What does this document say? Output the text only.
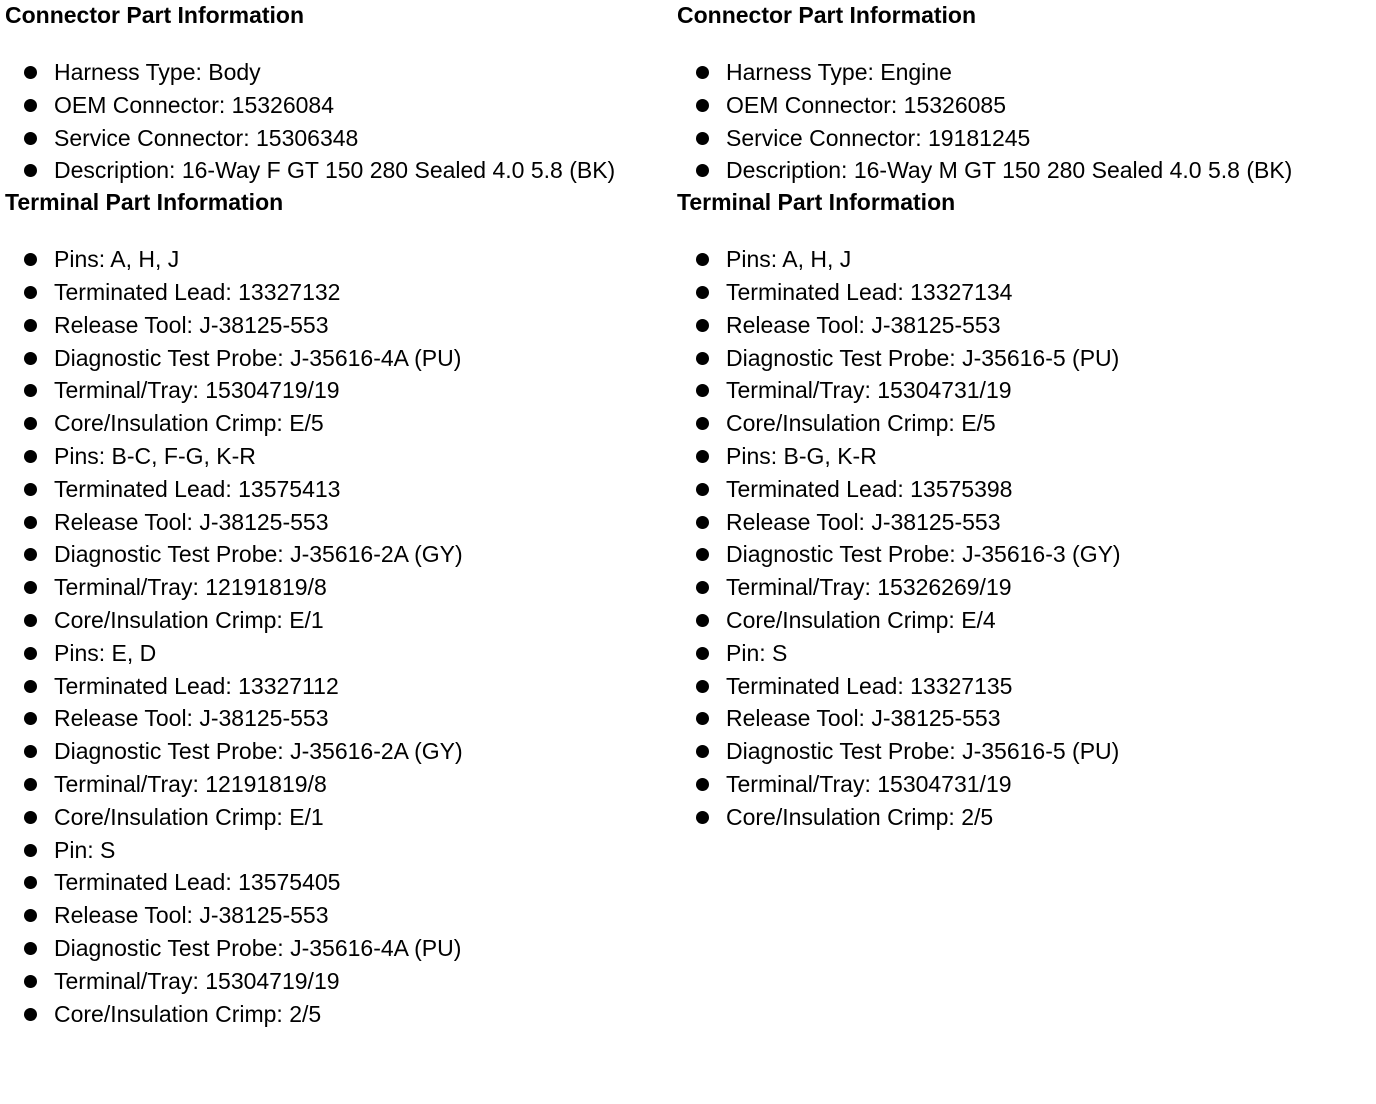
Connector Part Information
Harness Type: Body
OEM Connector: 15326084
Service Connector: 15306348
Description: 16-Way F GT 150 280 Sealed 4.0 5.8 (BK)
Terminal Part Information
Pins: A, H, J
Terminated Lead: 13327132
Release Tool: J-38125-553
Diagnostic Test Probe: J-35616-4A (PU)
Terminal/Tray: 15304719/19
Core/Insulation Crimp: E/5
Pins: B-C, F-G, K-R
Terminated Lead: 13575413
Release Tool: J-38125-553
Diagnostic Test Probe: J-35616-2A (GY)
Terminal/Tray: 12191819/8
Core/Insulation Crimp: E/1
Pins: E, D
Terminated Lead: 13327112
Release Tool: J-38125-553
Diagnostic Test Probe: J-35616-2A (GY)
Terminal/Tray: 12191819/8
Core/Insulation Crimp: E/1
Pin: S
Terminated Lead: 13575405
Release Tool: J-38125-553
Diagnostic Test Probe: J-35616-4A (PU)
Terminal/Tray: 15304719/19
Core/Insulation Crimp: 2/5
Connector Part Information
Harness Type: Engine
OEM Connector: 15326085
Service Connector: 19181245
Description: 16-Way M GT 150 280 Sealed 4.0 5.8 (BK)
Terminal Part Information
Pins: A, H, J
Terminated Lead: 13327134
Release Tool: J-38125-553
Diagnostic Test Probe: J-35616-5 (PU)
Terminal/Tray: 15304731/19
Core/Insulation Crimp: E/5
Pins: B-G, K-R
Terminated Lead: 13575398
Release Tool: J-38125-553
Diagnostic Test Probe: J-35616-3 (GY)
Terminal/Tray: 15326269/19
Core/Insulation Crimp: E/4
Pin: S
Terminated Lead: 13327135
Release Tool: J-38125-553
Diagnostic Test Probe: J-35616-5 (PU)
Terminal/Tray: 15304731/19
Core/Insulation Crimp: 2/5
